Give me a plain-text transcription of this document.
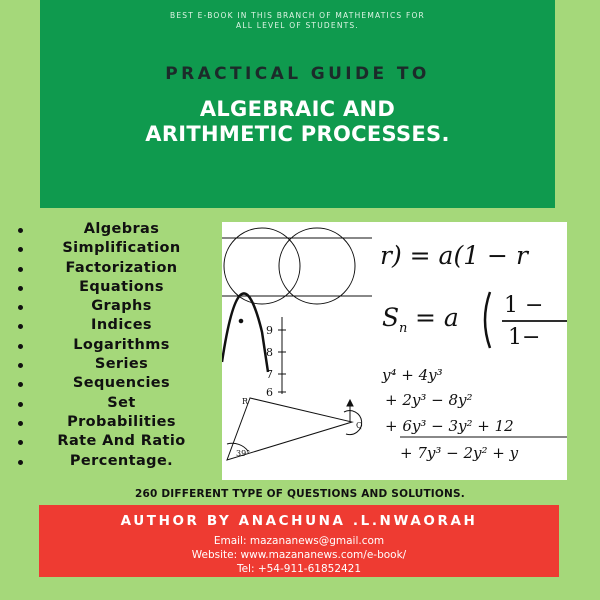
BEST E-BOOK IN THIS BRANCH OF MATHEMATICS FOR
ALL LEVEL OF STUDENTS.
PRACTICAL GUIDE TO
ALGEBRAIC AND
ARITHMETIC PROCESSES.
Algebras
Simplification
Factorization
Equations
Graphs
Indices
Logarithms
Series
Sequencies
Set
Probabilities
Rate And Ratio
Percentage.
9
8
7
6
R
Q
39°
r) = a(1 − r
S n = a 1 −
1−
y⁴ + 4y³
+ 2y³ − 8y²
+ 6y³ − 3y² + 12
+ 7y³ − 2y² + y
260 DIFFERENT TYPE OF QUESTIONS AND SOLUTIONS.
AUTHOR BY ANACHUNA .L.NWAORAH
Email: mazananews@gmail.com
Website: www.mazananews.com/e-book/
Tel: +54-911-61852421
